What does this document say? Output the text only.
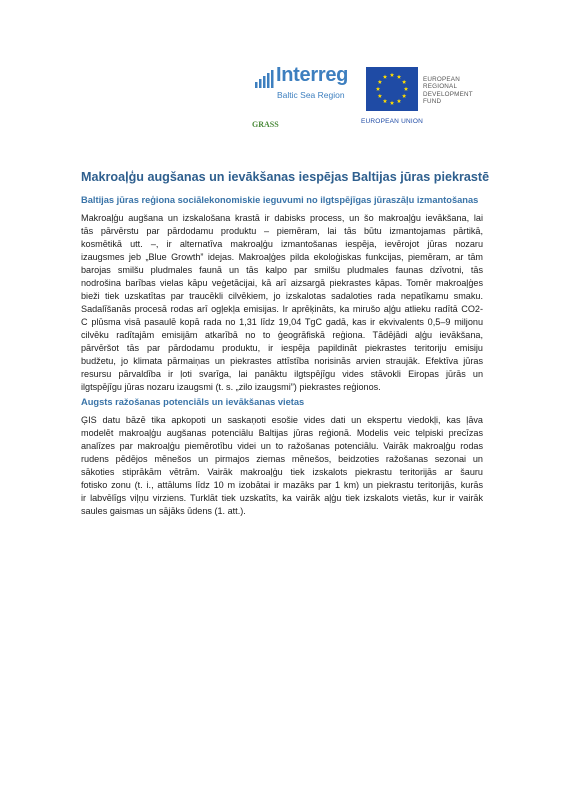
Interreg
Baltic Sea Region
GRASS	EUROPEAN UNION
EUROPEAN
REGIONAL
DEVELOPMENT
FUND
Makroaļģu augšanas un ievākšanas iespējas Baltijas jūras piekrastē
Baltijas jūras reģiona sociālekonomiskie ieguvumi no ilgtspējīgas jūraszāļu izmantošanas
Makroaļģu augšana un izskalošana krastā ir dabisks process, un šo makroaļģu ievākšana, lai
tās pārvērstu par pārdodamu produktu – piemēram, lai tās būtu izmantojamas pārtikā,
kosmētikā utt. –, ir alternatīva makroaļģu izmantošanas iespēja, ievērojot jūras nozaru
izaugsmes jeb „Blue Growth” idejas. Makroaļģes pilda ekoloģiskas funkcijas, piemēram, ar tām
barojas smilšu pludmales faunā un tās kalpo par smilšu pludmales faunas dzīvotni, tās
nodrošina barības vielas kāpu veģetācijai, kā arī aizsargā piekrastes kāpas. Tomēr makroaļģes
bieži tiek uzskatītas par traucēkli cilvēkiem, jo izskalotas sadaloties rada nepatīkamu smaku.
Sadalīšanās procesā rodas arī ogļekļa emisijas. Ir aprēķināts, ka mirušo aļģu atlieku radītā CO2-
C plūsma visā pasaulē kopā rada no 1,31 līdz 19,04 TgC gadā, kas ir ekvivalents 0,5–9 miljonu
cilvēku radītajām emisijām atkarībā no to ģeogrāfiskā reģiona. Tādējādi aļģu ievākšana,
pārvēršot tās par pārdodamu produktu, ir iespēja papildināt piekrastes teritoriju emisiju
budžetu, jo klimata pārmaiņas un piekrastes attīstība norisinās arvien straujāk. Efektīva jūras
resursu pārvaldība ir ļoti svarīga, lai panāktu ilgtspējīgu vides stāvokli Eiropas jūrās un
ilgtspējīgu jūras nozaru izaugsmi (t. s. „zilo izaugsmi”) piekrastes reģionos.
Augsts ražošanas potenciāls un ievākšanas vietas
ĢIS datu bāzē tika apkopoti un saskaņoti esošie vides dati un ekspertu viedokļi, kas ļāva
modelēt makroaļģu augšanas potenciālu Baltijas jūras reģionā. Modelis veic telpiski precīzas
analīzes par makroaļģu piemērotību videi un to ražošanas potenciālu. Vairāk makroaļģu rodas
rudens pēdējos mēnešos un pirmajos ziemas mēnešos, beidzoties ražošanas sezonai un
sākoties stiprākām vētrām. Vairāk makroaļģu tiek izskalots piekrastu teritorijās ar šauru
fotisko zonu (t. i., attālums līdz 10 m izobātai ir mazāks par 1 km) un piekrastu teritorijās, kurās
ir labvēlīgs viļņu virziens. Turklāt tiek uzskatīts, ka vairāk aļģu tiek izskalots vietās, kur ir vairāk
saules gaismas un sājāks ūdens (1. att.).
